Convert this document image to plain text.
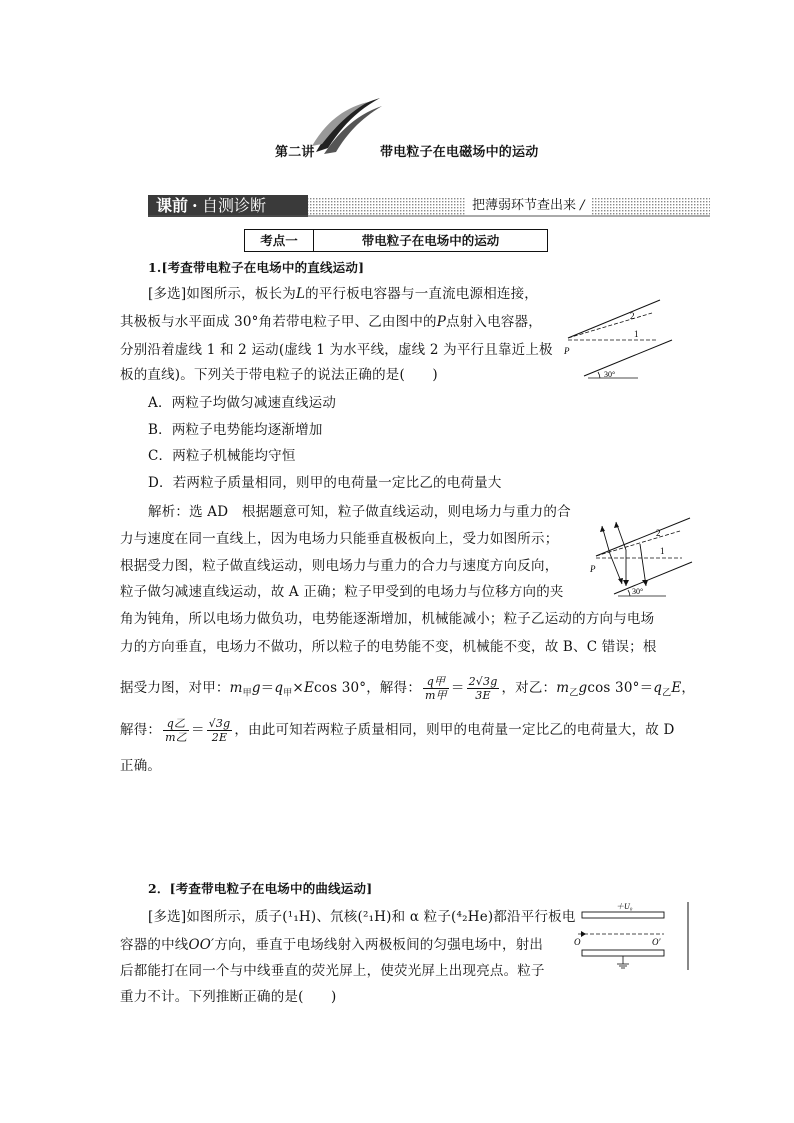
第二讲	带电粒子在电磁场中的运动
课前 · 自测诊断	把薄弱环节查出来 /
考点一	带电粒子在电场中的运动
1.[考查带电粒子在电场中的直线运动]
[多选]如图所示，板长为L的平行板电容器与一直流电源相连接，
其极板与水平面成 30°角若带电粒子甲、乙由图中的P点射入电容器，
分别沿着虚线 1 和 2 运动(虚线 1 为水平线，虚线 2 为平行且靠近上极
板的直线)。下列关于带电粒子的说法正确的是(　　)
A．两粒子均做匀减速直线运动
B．两粒子电势能均逐渐增加
C．两粒子机械能均守恒
D．若两粒子质量相同，则甲的电荷量一定比乙的电荷量大
2
1
P
30°
解析：选 AD　根据题意可知，粒子做直线运动，则电场力与重力的合
力与速度在同一直线上，因为电场力只能垂直极板向上，受力如图所示；
根据受力图，粒子做直线运动，则电场力与重力的合力与速度方向反向，
粒子做匀减速直线运动，故 A 正确；粒子甲受到的电场力与位移方向的夹
角为钝角，所以电场力做负功，电势能逐渐增加，机械能减小；粒子乙运动的方向与电场
力的方向垂直，电场力不做功，所以粒子的电势能不变，机械能不变，故 B、C 错误；根
2
1
P
30°
据受力图，对甲：$m_甲g=q_甲\times Ecos$ 30°，解得： $\frac{\text{q甲}}{\text{m甲}} = \frac{2√3g}{3E}$ ，对乙：$m_乙gcos$ $30^\circ=q_乙E$，
解得： $\frac{\text{q乙}}{\text{m乙}} = \frac{√3g}{2E}$ ，由此可知若两粒子质量相同，则甲的电荷量一定比乙的电荷量大，故 D
正确。
2．[考查带电粒子在电场中的曲线运动]
[多选]如图所示，质子(¹₁H)、氘核(²₁H)和 α 粒子(⁴₂He)都沿平行板电
容器的中线OO′方向，垂直于电场线射入两极板间的匀强电场中，射出
后都能打在同一个与中线垂直的荧光屏上，使荧光屏上出现亮点。粒子
重力不计。下列推断正确的是(　　)
＋U₀
O	O′
